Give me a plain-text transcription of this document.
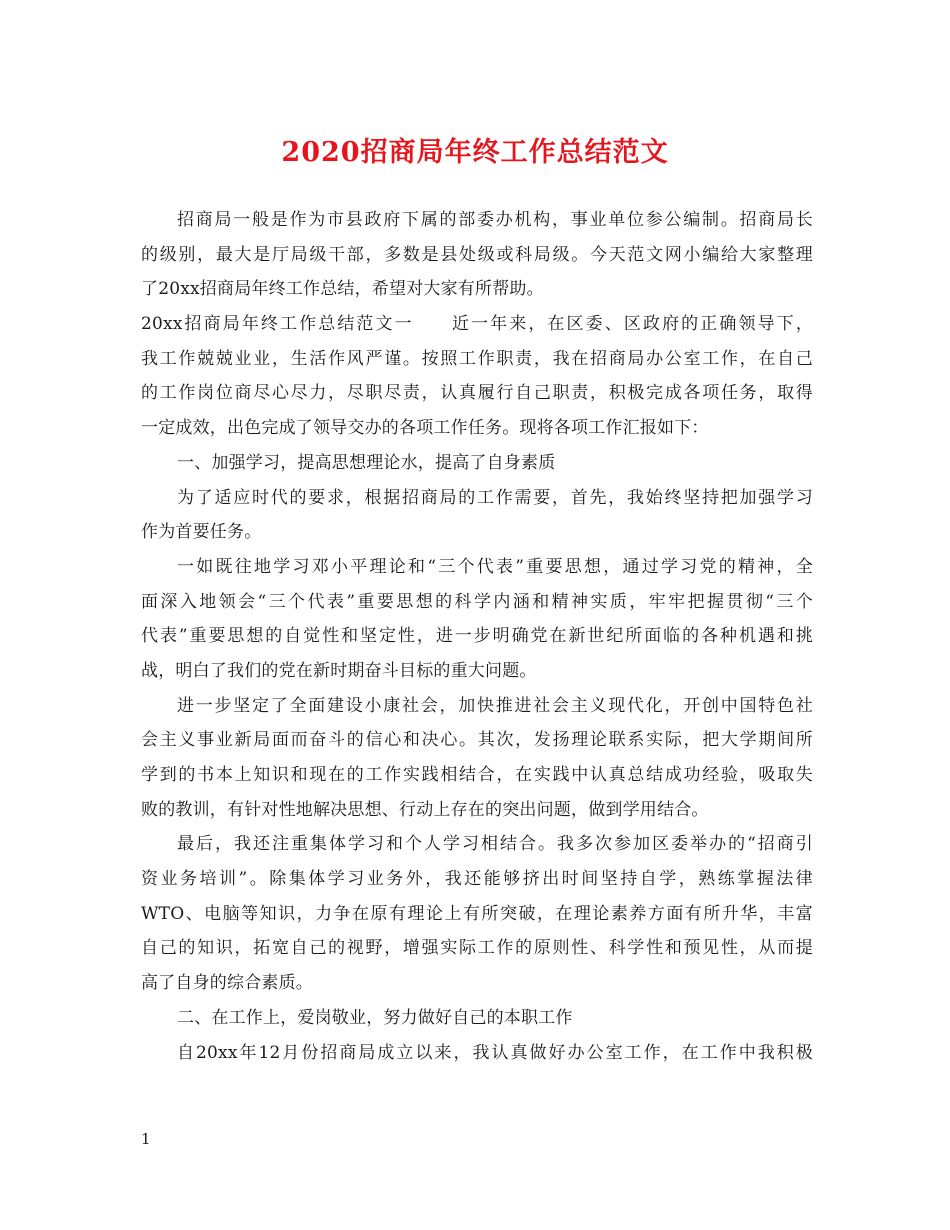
2020招商局年终工作总结范文
招商局一般是作为市县政府下属的部委办机构，事业单位参公编制。招商局长
的级别，最大是厅局级干部，多数是县处级或科局级。今天范文网小编给大家整理
了20xx招商局年终工作总结，希望对大家有所帮助。
20xx招商局年终工作总结范文一　　近一年来，在区委、区政府的正确领导下，
我工作兢兢业业，生活作风严谨。按照工作职责，我在招商局办公室工作，在自己
的工作岗位商尽心尽力，尽职尽责，认真履行自己职责，积极完成各项任务，取得
一定成效，出色完成了领导交办的各项工作任务。现将各项工作汇报如下：
一、加强学习，提高思想理论水，提高了自身素质
为了适应时代的要求，根据招商局的工作需要，首先，我始终坚持把加强学习
作为首要任务。
一如既往地学习邓小平理论和“三个代表”重要思想，通过学习党的精神，全
面深入地领会“三个代表”重要思想的科学内涵和精神实质，牢牢把握贯彻“三个
代表”重要思想的自觉性和坚定性，进一步明确党在新世纪所面临的各种机遇和挑
战，明白了我们的党在新时期奋斗目标的重大问题。
进一步坚定了全面建设小康社会，加快推进社会主义现代化，开创中国特色社
会主义事业新局面而奋斗的信心和决心。其次，发扬理论联系实际，把大学期间所
学到的书本上知识和现在的工作实践相结合，在实践中认真总结成功经验，吸取失
败的教训，有针对性地解决思想、行动上存在的突出问题，做到学用结合。
最后，我还注重集体学习和个人学习相结合。我多次参加区委举办的“招商引
资业务培训”。除集体学习业务外，我还能够挤出时间坚持自学，熟练掌握法律
WTO、电脑等知识，力争在原有理论上有所突破，在理论素养方面有所升华，丰富
自己的知识，拓宽自己的视野，增强实际工作的原则性、科学性和预见性，从而提
高了自身的综合素质。
二、在工作上，爱岗敬业，努力做好自己的本职工作
自20xx年12月份招商局成立以来，我认真做好办公室工作，在工作中我积极
1
